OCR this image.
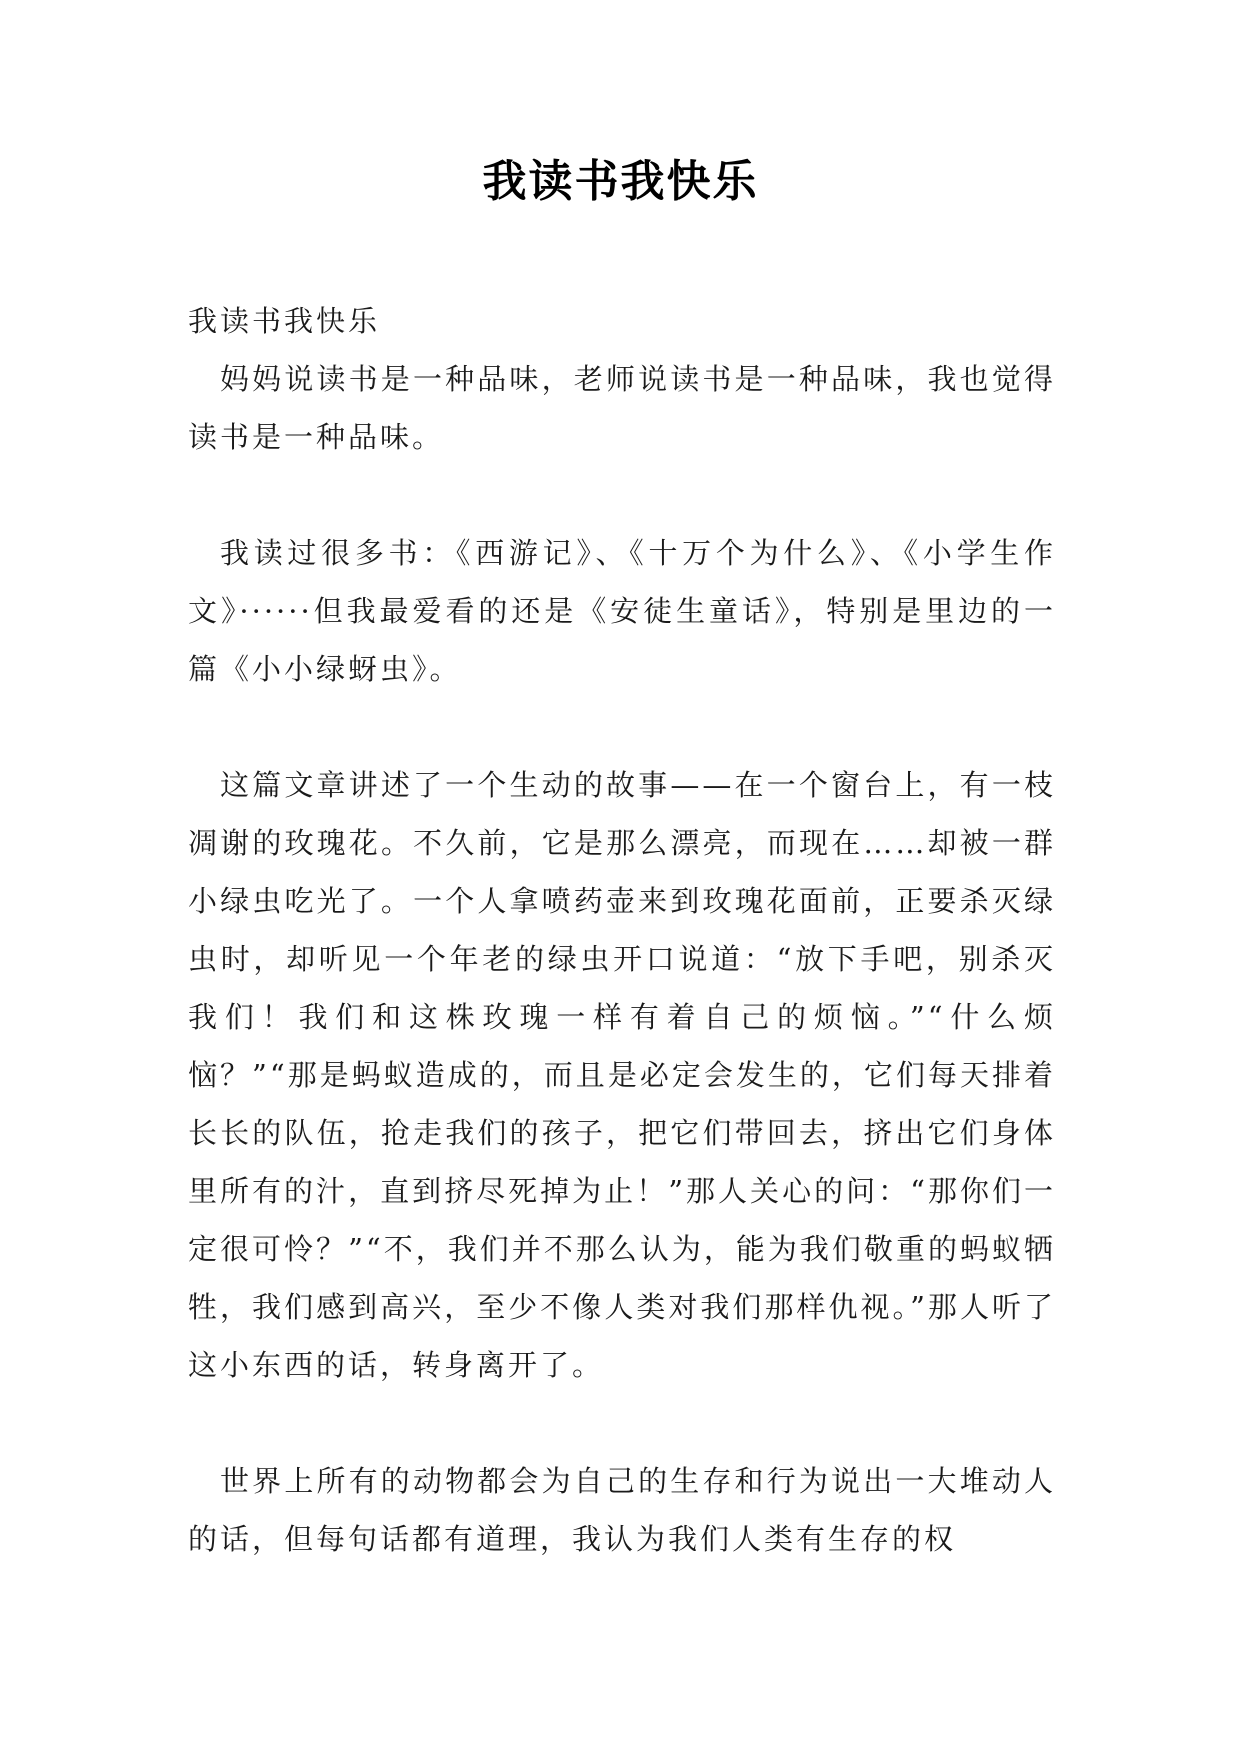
我读书我快乐

我读书我快乐

妈妈说读书是一种品味，老师说读书是一种品味，我也觉得读书是一种品味。

我读过很多书：《西游记》、《十万个为什么》、《小学生作文》······但我最爱看的还是《安徒生童话》，特别是里边的一篇《小小绿蚜虫》。

这篇文章讲述了一个生动的故事——在一个窗台上，有一枝凋谢的玫瑰花。不久前，它是那么漂亮，而现在……却被一群小绿虫吃光了。一个人拿喷药壶来到玫瑰花面前，正要杀灭绿虫时，却听见一个年老的绿虫开口说道：“放下手吧，别杀灭我们！我们和这株玫瑰一样有着自己的烦恼。”“什么烦恼？”“那是蚂蚁造成的，而且是必定会发生的，它们每天排着长长的队伍，抢走我们的孩子，把它们带回去，挤出它们身体里所有的汁，直到挤尽死掉为止！”那人关心的问：“那你们一定很可怜？”“不，我们并不那么认为，能为我们敬重的蚂蚁牺牲，我们感到高兴，至少不像人类对我们那样仇视。”那人听了这小东西的话，转身离开了。

世界上所有的动物都会为自己的生存和行为说出一大堆动人的话，但每句话都有道理，我认为我们人类有生存的权
